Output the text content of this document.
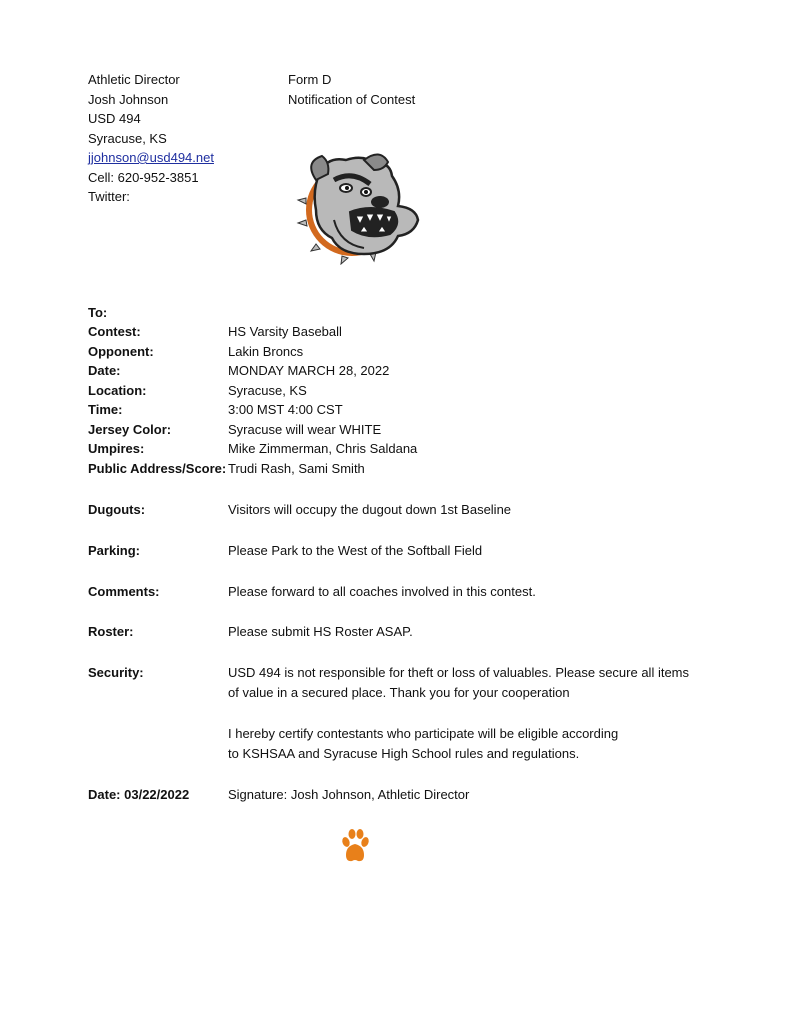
Athletic Director
Josh Johnson
USD 494
Syracuse, KS
jjohnson@usd494.net
Cell: 620-952-3851
Twitter:
Form D
Notification of Contest
To:
Contest:	HS Varsity Baseball
Opponent:	Lakin Broncs
Date:	MONDAY MARCH 28, 2022
Location:	Syracuse, KS
Time:	3:00 MST 4:00 CST
Jersey Color:	Syracuse will wear WHITE
Umpires:	Mike Zimmerman, Chris Saldana
Public Address/Score: Trudi Rash, Sami Smith
Dugouts:	Visitors will occupy the dugout down 1st Baseline
Parking:	Please Park to the West of the Softball Field
Comments:	Please forward to all coaches involved in this contest.
Roster:	Please submit HS Roster ASAP.
Security:	USD 494 is not responsible for theft or loss of valuables. Please secure all items
of value in a secured place. Thank you for your cooperation
I hereby certify contestants who participate will be eligible according
to KSHSAA and Syracuse High School rules and regulations.
Date: 03/22/2022	Signature: Josh Johnson, Athletic Director
